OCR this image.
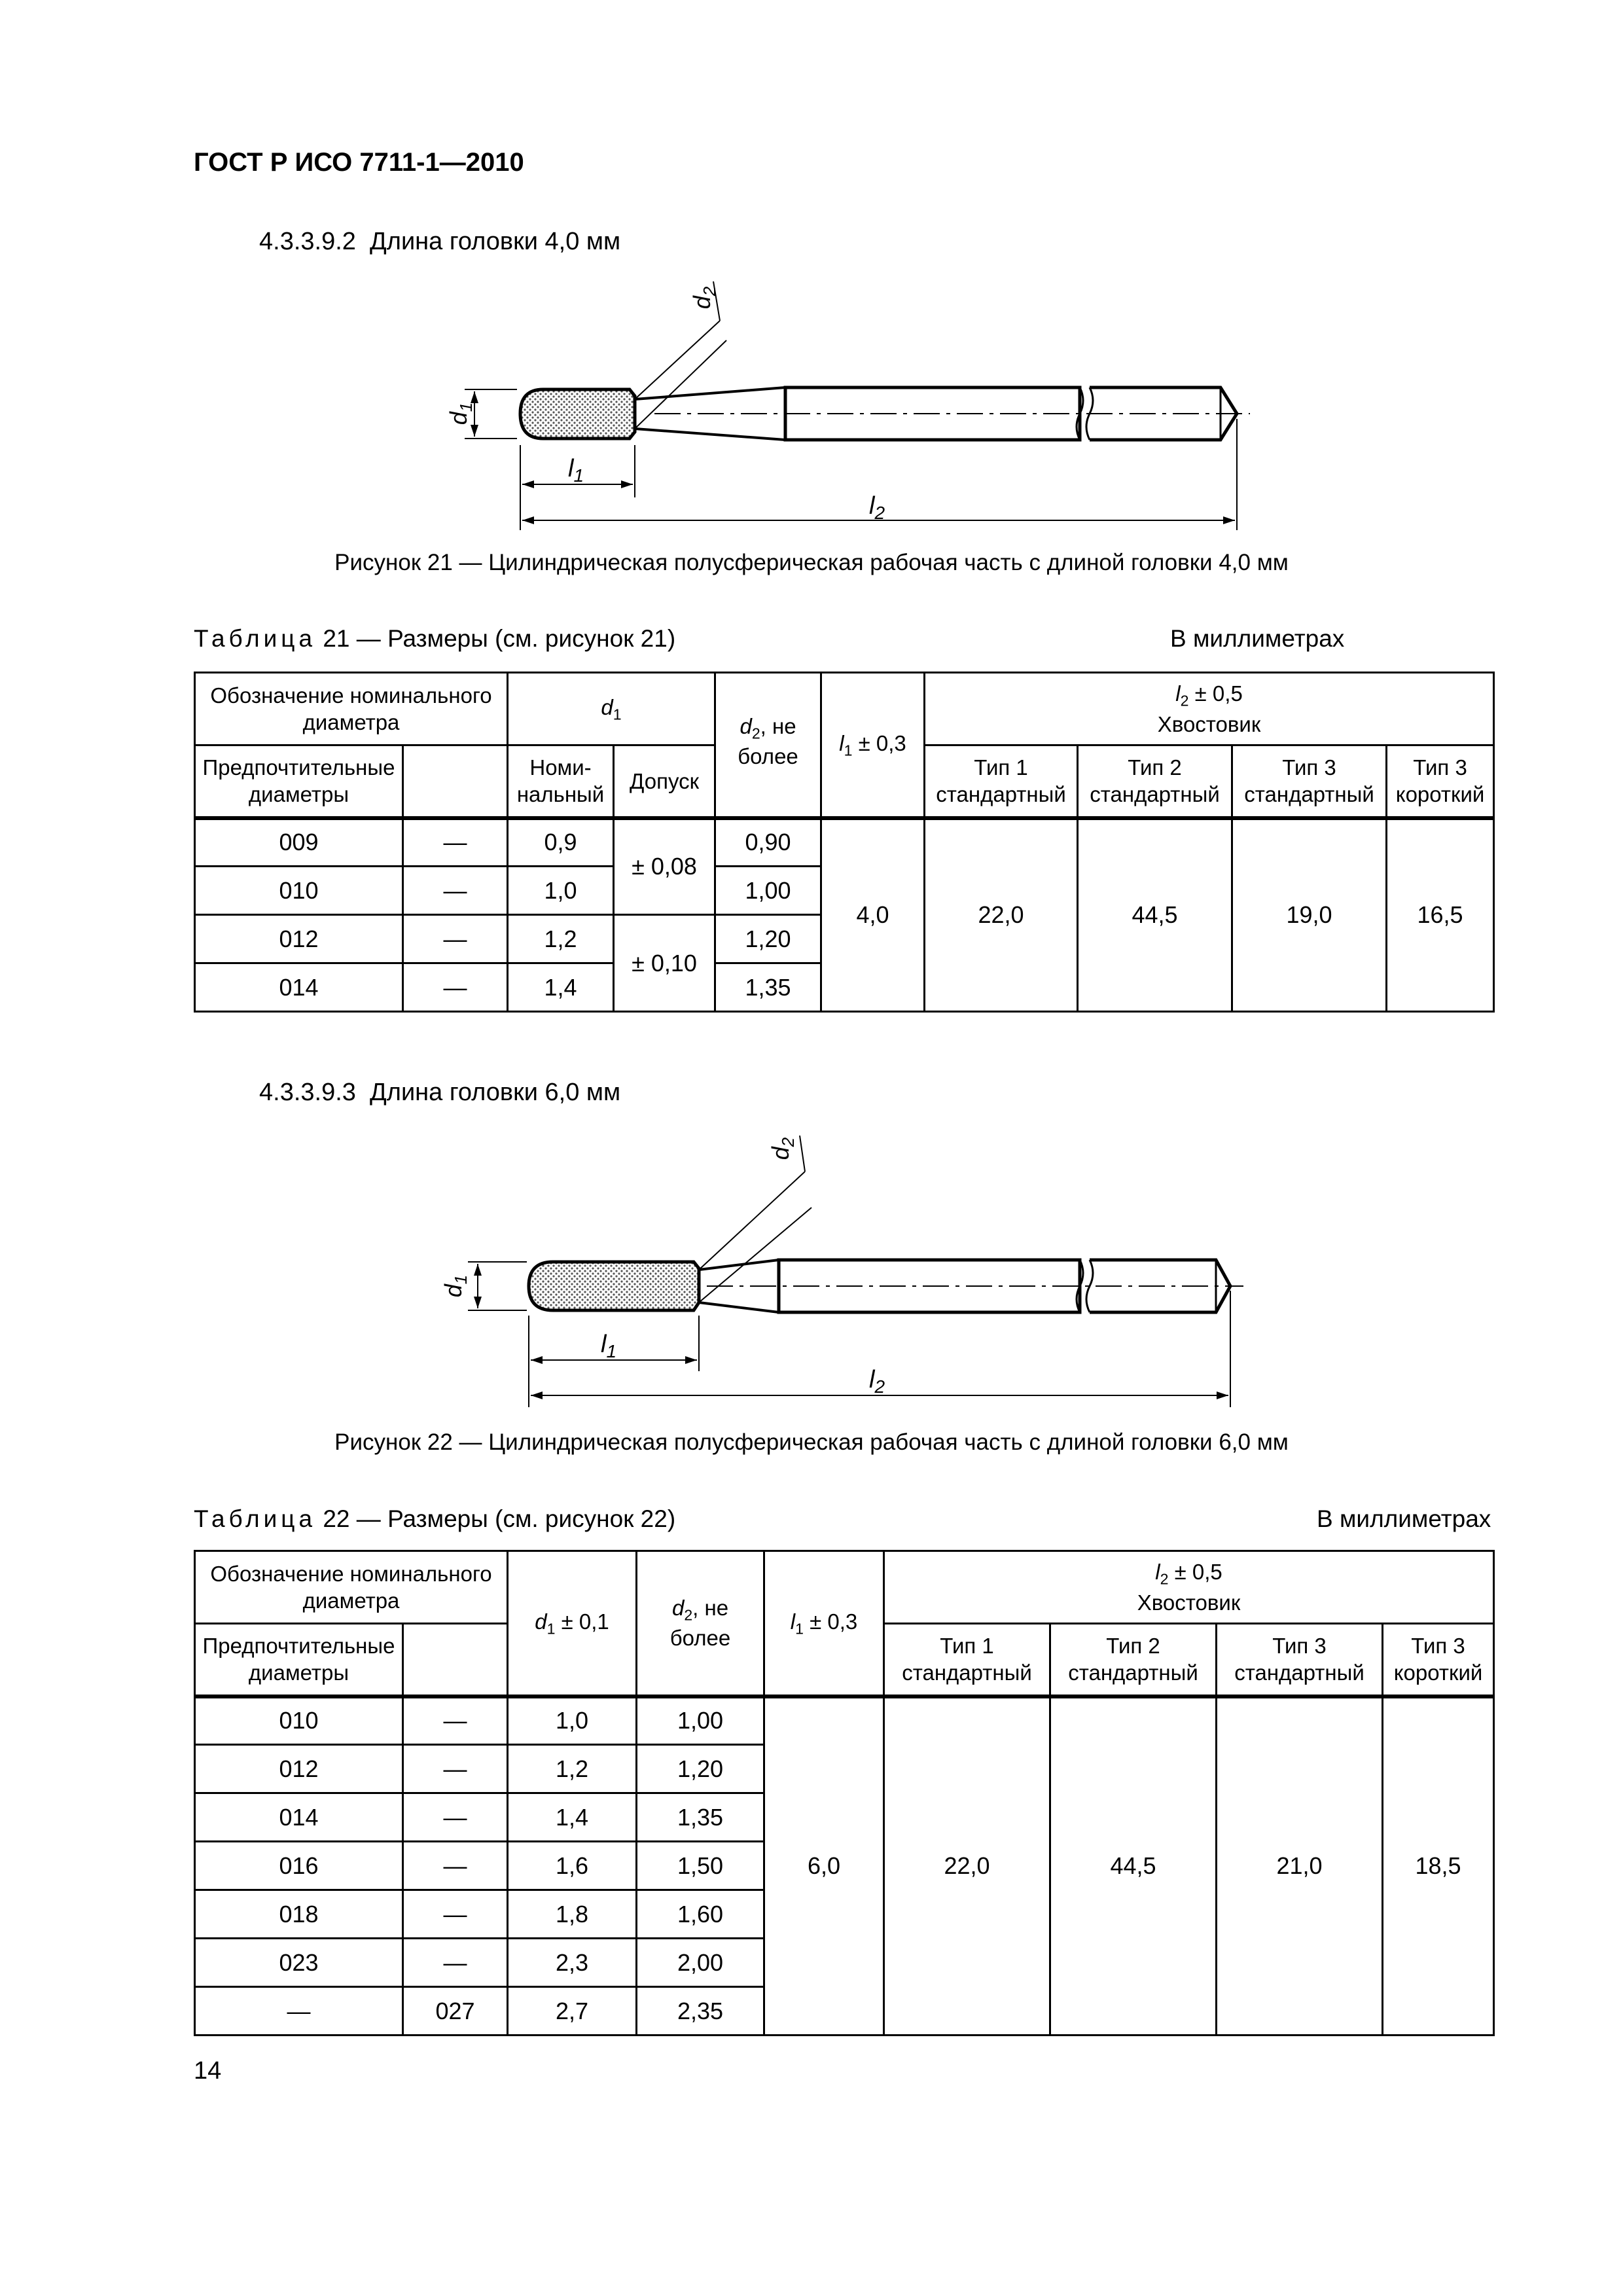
ГОСТ Р ИСО 7711-1—2010
4.3.3.9.2 Длина головки 4,0 мм
$d_1$
$d_2$
$l_1$
$l_2$
Рисунок 21 — Цилиндрическая полусферическая рабочая часть с длиной головки 4,0 мм
Таблица 21 — Размеры (см. рисунок 21)	В миллиметрах
Обозначение номинального диаметра		$d_1$		$d_2$, не более	$l_1 \pm 0,3$	$l_2 \pm 0,5$
Хвостовик			
Предпочтительные диаметры		Номи-нальный	Допуск			Тип 1 стандартный	Тип 2 стандартный	Тип 3 стандартный	Тип 3 короткий
009	—	0,9	± 0,08	0,90	4,0	22,0	44,5	19,0	16,5
010	—	1,0		1,00					
012	—	1,2	± 0,10	1,20					
014	—	1,4		1,35					
4.3.3.9.3 Длина головки 6,0 мм
$d_1$
$d_2$
$l_1$
$l_2$
Рисунок 22 — Цилиндрическая полусферическая рабочая часть с длиной головки 6,0 мм
Таблица 22 — Размеры (см. рисунок 22)	В миллиметрах
Обозначение номинального диаметра		$d_1 \pm 0,1$	$d_2$, не более	$l_1 \pm 0,3$	$l_2 \pm 0,5$
Хвостовик			
Предпочтительные диаметры					Тип 1 стандартный	Тип 2 стандартный	Тип 3 стандартный	Тип 3 короткий
010	—	1,0	1,00	6,0	22,0	44,5	21,0	18,5
012	—	1,2	1,20					
014	—	1,4	1,35					
016	—	1,6	1,50					
018	—	1,8	1,60					
023	—	2,3	2,00					
—	027	2,7	2,35					
14
